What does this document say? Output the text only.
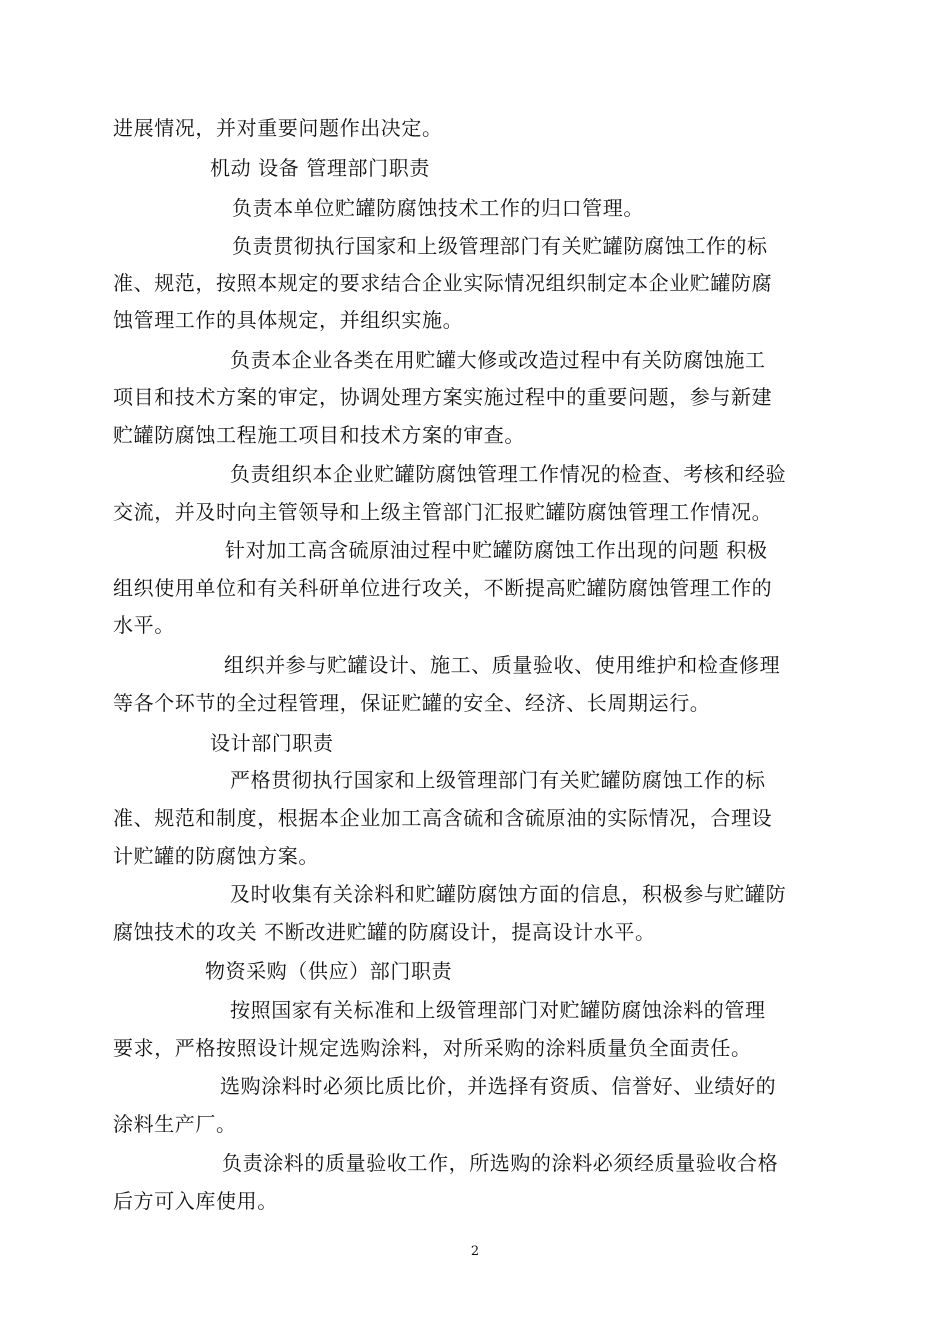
进展情况，并对重要问题作出决定。
机动 设备 管理部门职责
负责本单位贮罐防腐蚀技术工作的归口管理。
负责贯彻执行国家和上级管理部门有关贮罐防腐蚀工作的标
准、规范，按照本规定的要求结合企业实际情况组织制定本企业贮罐防腐
蚀管理工作的具体规定，并组织实施。
负责本企业各类在用贮罐大修或改造过程中有关防腐蚀施工
项目和技术方案的审定，协调处理方案实施过程中的重要问题，参与新建
贮罐防腐蚀工程施工项目和技术方案的审查。
负责组织本企业贮罐防腐蚀管理工作情况的检查、考核和经验
交流，并及时向主管领导和上级主管部门汇报贮罐防腐蚀管理工作情况。
针对加工高含硫原油过程中贮罐防腐蚀工作出现的问题 积极
组织使用单位和有关科研单位进行攻关，不断提高贮罐防腐蚀管理工作的
水平。
组织并参与贮罐设计、施工、质量验收、使用维护和检查修理
等各个环节的全过程管理，保证贮罐的安全、经济、长周期运行。
设计部门职责
严格贯彻执行国家和上级管理部门有关贮罐防腐蚀工作的标
准、规范和制度，根据本企业加工高含硫和含硫原油的实际情况，合理设
计贮罐的防腐蚀方案。
及时收集有关涂料和贮罐防腐蚀方面的信息，积极参与贮罐防
腐蚀技术的攻关 不断改进贮罐的防腐设计，提高设计水平。
物资采购（供应）部门职责
按照国家有关标准和上级管理部门对贮罐防腐蚀涂料的管理
要求，严格按照设计规定选购涂料，对所采购的涂料质量负全面责任。
选购涂料时必须比质比价，并选择有资质、信誉好、业绩好的
涂料生产厂。
负责涂料的质量验收工作，所选购的涂料必须经质量验收合格
后方可入库使用。
2
